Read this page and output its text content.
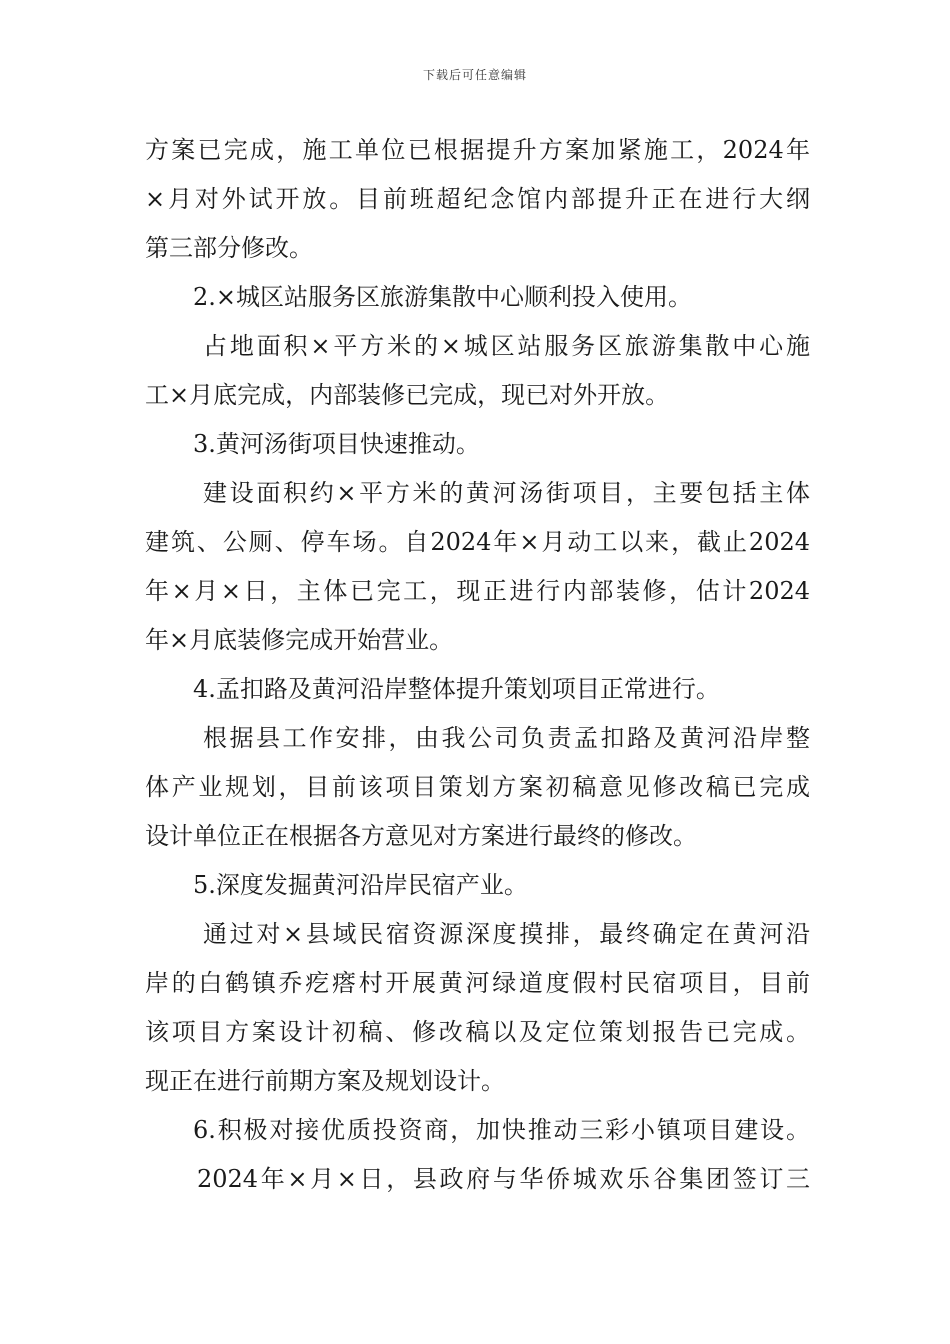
下载后可任意编辑
方案已完成，施工单位已根据提升方案加紧施工，2024年
×月对外试开放。目前班超纪念馆内部提升正在进行大纲
第三部分修改。
2.×城区站服务区旅游集散中心顺利投入使用。
占地面积×平方米的×城区站服务区旅游集散中心施
工×月底完成，内部装修已完成，现已对外开放。
3.黄河汤街项目快速推动。
建设面积约×平方米的黄河汤街项目，主要包括主体
建筑、公厕、停车场。自2024年×月动工以来，截止2024
年×月×日，主体已完工，现正进行内部装修，估计2024
年×月底装修完成开始营业。
4.孟扣路及黄河沿岸整体提升策划项目正常进行。
根据县工作安排，由我公司负责孟扣路及黄河沿岸整
体产业规划，目前该项目策划方案初稿意见修改稿已完成
设计单位正在根据各方意见对方案进行最终的修改。
5.深度发掘黄河沿岸民宿产业。
通过对×县域民宿资源深度摸排，最终确定在黄河沿
岸的白鹤镇乔疙瘩村开展黄河绿道度假村民宿项目，目前
该项目方案设计初稿、修改稿以及定位策划报告已完成。
现正在进行前期方案及规划设计。
6.积极对接优质投资商，加快推动三彩小镇项目建设。
2024年×月×日，县政府与华侨城欢乐谷集团签订三
